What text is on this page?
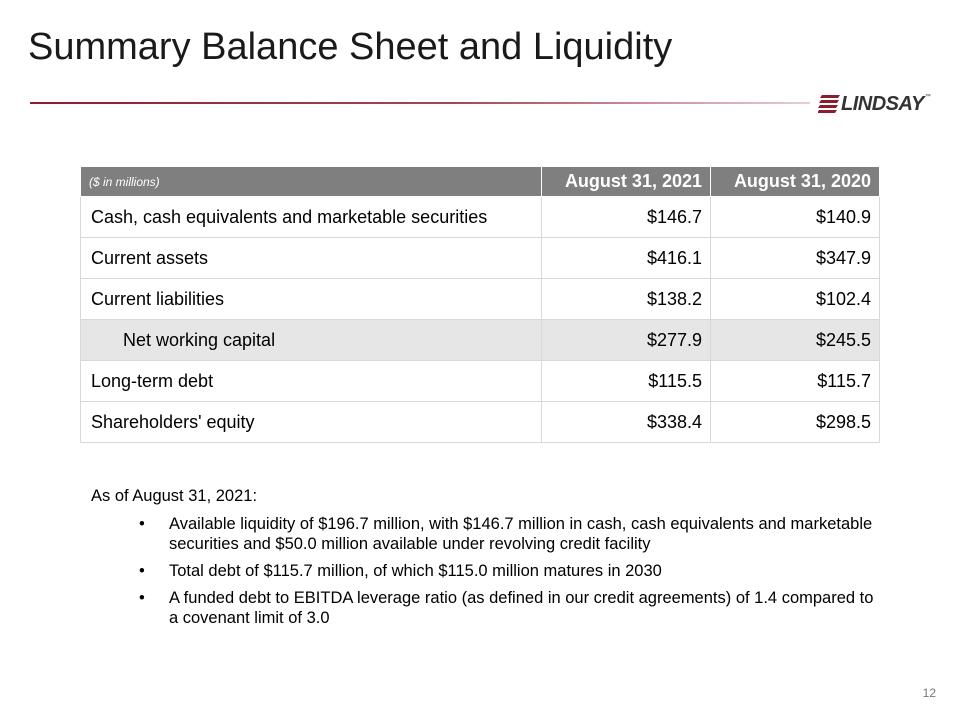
Summary Balance Sheet and Liquidity
LINDSAY ™
($ in millions)	August 31, 2021	August 31, 2020
Cash, cash equivalents and marketable securities	$146.7	$140.9
Current assets	$416.1	$347.9
Current liabilities	$138.2	$102.4
Net working capital	$277.9	$245.5
Long-term debt	$115.5	$115.7
Shareholders' equity	$338.4	$298.5
As of August 31, 2021:
• Available liquidity of $196.7 million, with $146.7 million in cash, cash equivalents and marketable securities and $50.0 million available under revolving credit facility
• Total debt of $115.7 million, of which $115.0 million matures in 2030
• A funded debt to EBITDA leverage ratio (as defined in our credit agreements) of 1.4 compared to a covenant limit of 3.0
12
